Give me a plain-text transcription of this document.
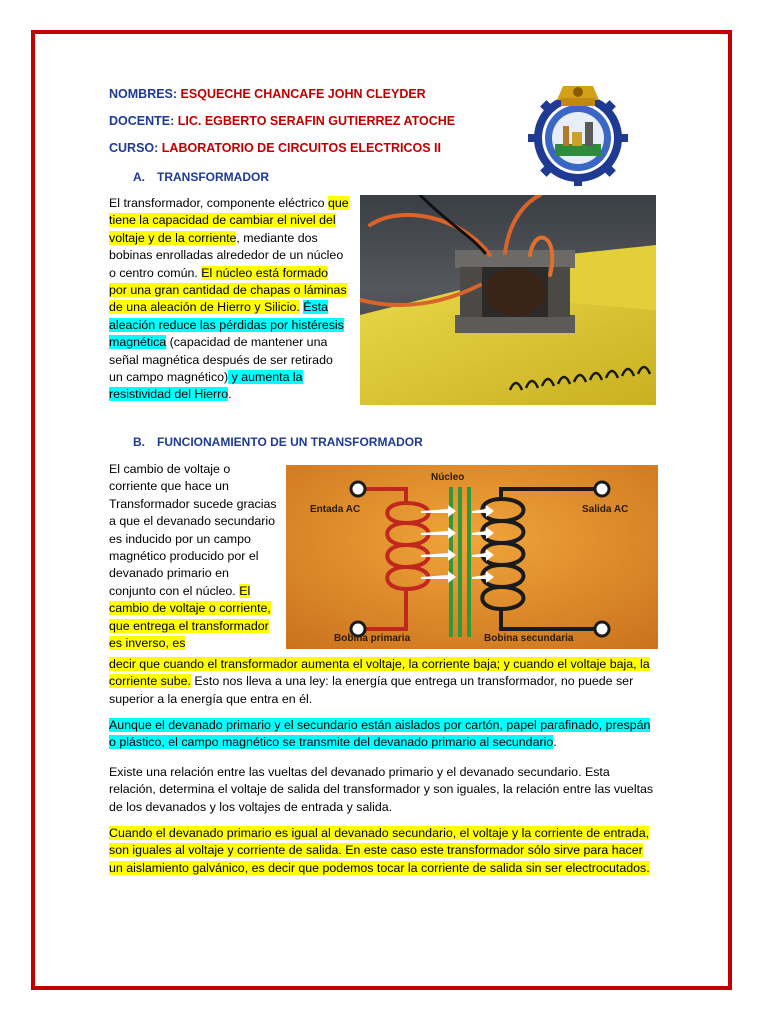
NOMBRES: ESQUECHE CHANCAFE JOHN CLEYDER
DOCENTE: LIC. EGBERTO SERAFIN GUTIERREZ ATOCHE
CURSO: LABORATORIO DE CIRCUITOS ELECTRICOS II
A. TRANSFORMADOR
El transformador, componente eléctrico que tiene la capacidad de cambiar el nivel del voltaje y de la corriente, mediante dos bobinas enrolladas alrededor de un núcleo o centro común. El núcleo está formado por una gran cantidad de chapas o láminas de una aleación de Hierro y Silicio. Ésta aleación reduce las pérdidas por histéresis magnética (capacidad de mantener una señal magnética después de ser retirado un campo magnético) y aumenta la resistividad del Hierro.
B. FUNCIONAMIENTO DE UN TRANSFORMADOR
El cambio de voltaje o corriente que hace un Transformador sucede gracias a que el devanado secundario es inducido por un campo magnético producido por el devanado primario en conjunto con el núcleo. El cambio de voltaje o corriente, que entrega el transformador es inverso, es
Núcleo
Entada AC	Salida AC
Bobina primaria	Bobina secundaria
decir que cuando el transformador aumenta el voltaje, la corriente baja; y cuando el voltaje baja, la corriente sube. Esto nos lleva a una ley: la energía que entrega un transformador, no puede ser superior a la energía que entra en él.
Aunque el devanado primario y el secundario están aislados por cartón, papel parafinado, prespán o plástico, el campo magnético se transmite del devanado primario al secundario.
Existe una relación entre las vueltas del devanado primario y el devanado secundario. Esta relación, determina el voltaje de salida del transformador y son iguales, la relación entre las vueltas de los devanados y los voltajes de entrada y salida.
Cuando el devanado primario es igual al devanado secundario, el voltaje y la corriente de entrada, son iguales al voltaje y corriente de salida. En este caso este transformador sólo sirve para hacer un aislamiento galvánico, es decir que podemos tocar la corriente de salida sin ser electrocutados.
